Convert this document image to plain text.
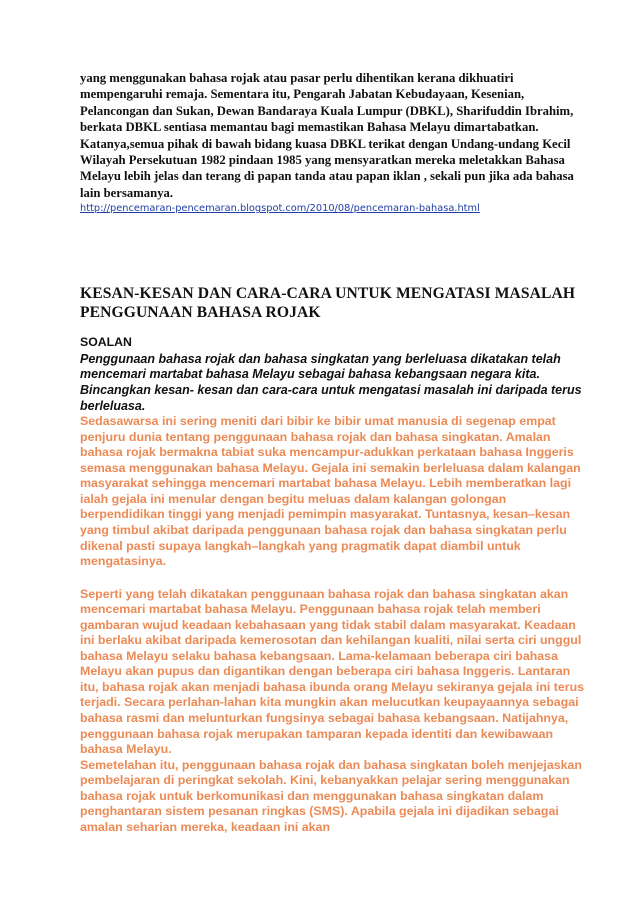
yang menggunakan bahasa rojak atau pasar perlu dihentikan kerana dikhuatiri mempengaruhi remaja. Sementara itu, Pengarah Jabatan Kebudayaan, Kesenian, Pelancongan dan Sukan, Dewan Bandaraya Kuala Lumpur (DBKL), Sharifuddin Ibrahim, berkata DBKL sentiasa memantau bagi memastikan Bahasa Melayu dimartabatkan. Katanya,semua pihak di bawah bidang kuasa DBKL terikat dengan Undang-undang Kecil Wilayah Persekutuan 1982 pindaan 1985 yang mensyaratkan mereka meletakkan Bahasa Melayu lebih jelas dan terang di papan tanda atau papan iklan , sekali pun jika ada bahasa lain bersamanya.

http://pencemaran-pencemaran.blogspot.com/2010/08/pencemaran-bahasa.html
KESAN-KESAN DAN CARA-CARA UNTUK MENGATASI MASALAH PENGGUNAAN BAHASA ROJAK

SOALAN

Penggunaan bahasa rojak dan bahasa singkatan yang berleluasa dikatakan telah mencemari martabat bahasa Melayu sebagai bahasa kebangsaan negara kita. Bincangkan kesan- kesan dan cara-cara untuk mengatasi masalah ini daripada terus berleluasa.

Sedasawarsa ini sering meniti dari bibir ke bibir umat manusia di segenap empat penjuru dunia tentang penggunaan bahasa rojak dan bahasa singkatan. Amalan bahasa rojak bermakna tabiat suka mencampur-adukkan perkataan bahasa Inggeris semasa menggunakan bahasa Melayu. Gejala ini semakin berleluasa dalam kalangan masyarakat sehingga mencemari martabat bahasa Melayu. Lebih memberatkan lagi ialah gejala ini menular dengan begitu meluas dalam kalangan golongan berpendidikan tinggi yang menjadi pemimpin masyarakat. Tuntasnya, kesan–kesan yang timbul akibat daripada penggunaan bahasa rojak dan bahasa singkatan perlu dikenal pasti supaya langkah–langkah yang pragmatik dapat diambil untuk mengatasinya.

Seperti yang telah dikatakan penggunaan bahasa rojak dan bahasa singkatan akan mencemari martabat bahasa Melayu. Penggunaan bahasa rojak telah memberi gambaran wujud keadaan kebahasaan yang tidak stabil dalam masyarakat. Keadaan ini berlaku akibat daripada kemerosotan dan kehilangan kualiti, nilai serta ciri unggul bahasa Melayu selaku bahasa kebangsaan. Lama-kelamaan beberapa ciri bahasa Melayu akan pupus dan digantikan dengan beberapa ciri bahasa Inggeris. Lantaran itu, bahasa rojak akan menjadi bahasa ibunda orang Melayu sekiranya gejala ini terus terjadi. Secara perlahan-lahan kita mungkin akan melucutkan keupayaannya sebagai bahasa rasmi dan melunturkan fungsinya sebagai bahasa kebangsaan. Natijahnya, penggunaan bahasa rojak merupakan tamparan kepada identiti dan kewibawaan bahasa Melayu.

Semetelahan itu, penggunaan bahasa rojak dan bahasa singkatan boleh menjejaskan pembelajaran di peringkat sekolah. Kini, kebanyakkan pelajar sering menggunakan bahasa rojak untuk berkomunikasi dan menggunakan bahasa singkatan dalam penghantaran sistem pesanan ringkas (SMS). Apabila gejala ini dijadikan sebagai amalan seharian mereka, keadaan ini akan
